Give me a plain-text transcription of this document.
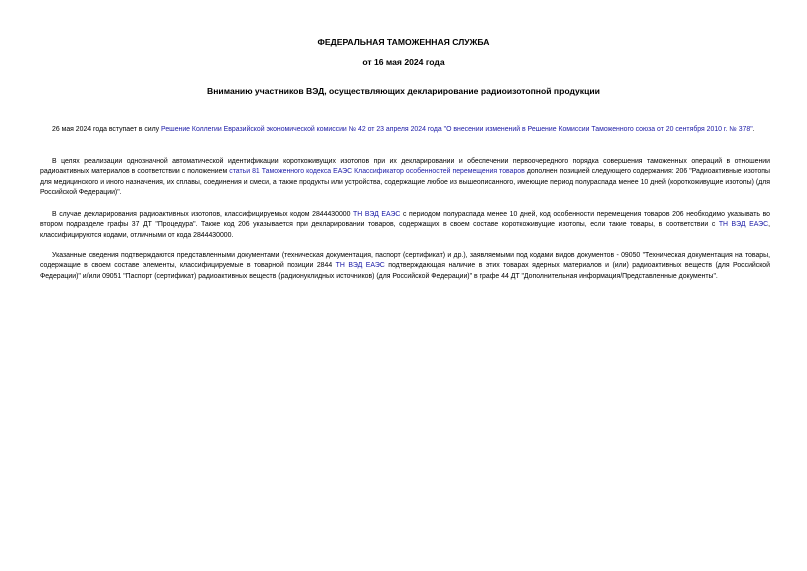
ФЕДЕРАЛЬНАЯ ТАМОЖЕННАЯ СЛУЖБА
от 16 мая 2024 года
Вниманию участников ВЭД, осуществляющих декларирование радиоизотопной продукции

26 мая 2024 года вступает в силу Решение Коллегии Евразийской экономической комиссии № 42 от 23 апреля 2024 года "О внесении изменений в Решение Комиссии Таможенного союза от 20 сентября 2010 г. № 378".

В целях реализации однозначной автоматической идентификации короткоживущих изотопов при их декларировании и обеспечении первоочередного порядка совершения таможенных операций в отношении радиоактивных материалов в соответствии с положением статьи 81 Таможенного кодекса ЕАЭС Классификатор особенностей перемещения товаров дополнен позицией следующего содержания: 206 "Радиоактивные изотопы для медицинского и иного назначения, их сплавы, соединения и смеси, а также продукты или устройства, содержащие любое из вышеописанного, имеющие период полураспада менее 10 дней (короткоживущие изотопы) (для Российской Федерации)".

В случае декларирования радиоактивных изотопов, классифицируемых кодом 2844430000 ТН ВЭД ЕАЭС с периодом полураспада менее 10 дней, код особенности перемещения товаров 206 необходимо указывать во втором подразделе графы 37 ДТ "Процедура". Также код 206 указывается при декларировании товаров, содержащих в своем составе короткоживущие изотопы, если такие товары, в соответствии с ТН ВЭД ЕАЭС, классифицируются кодами, отличными от кода 2844430000.

Указанные сведения подтверждаются представленными документами (техническая документация, паспорт (сертификат) и др.), заявляемыми под кодами видов документов - 09050 "Техническая документация на товары, содержащие в своем составе элементы, классифицируемые в товарной позиции 2844 ТН ВЭД ЕАЭС подтверждающая наличие в этих товарах ядерных материалов и (или) радиоактивных веществ (для Российской Федерации)" и/или 09051 "Паспорт (сертификат) радиоактивных веществ (радионуклидных источников) (для Российской Федерации)" в графе 44 ДТ "Дополнительная информация/Представленные документы".
